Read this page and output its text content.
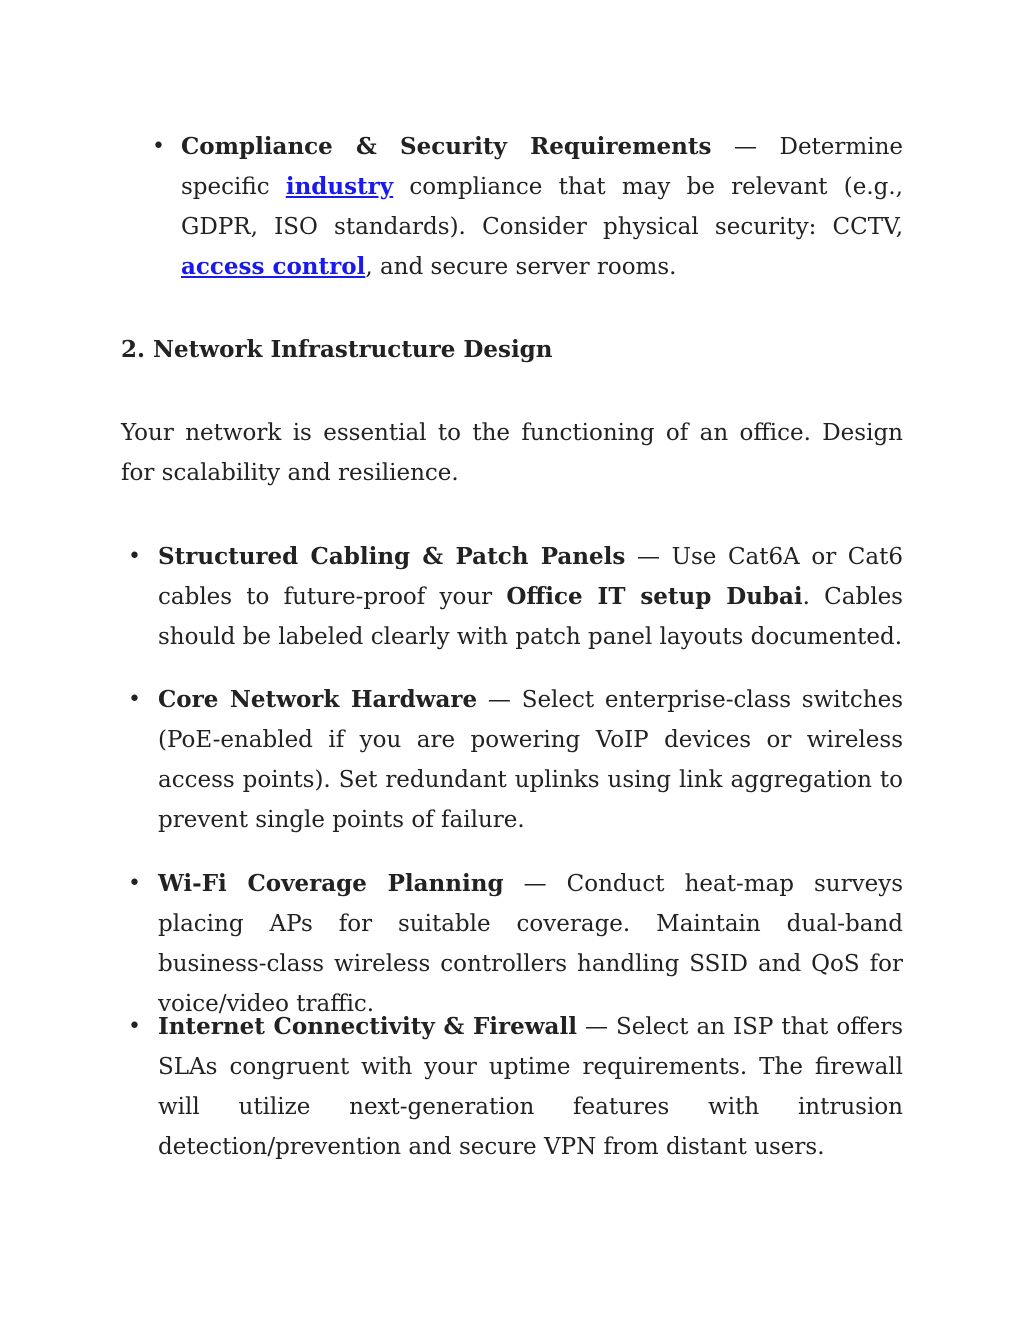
• Compliance & Security Requirements — Determine specific industry compliance that may be relevant (e.g., GDPR, ISO standards). Consider physical security: CCTV, access control, and secure server rooms.
2. Network Infrastructure Design
Your network is essential to the functioning of an office. Design for scalability and resilience.
• Structured Cabling & Patch Panels — Use Cat6A or Cat6 cables to future-proof your Office IT setup Dubai. Cables should be labeled clearly with patch panel layouts documented.
• Core Network Hardware — Select enterprise-class switches (PoE-enabled if you are powering VoIP devices or wireless access points). Set redundant uplinks using link aggregation to prevent single points of failure.
• Wi-Fi Coverage Planning — Conduct heat-map surveys placing APs for suitable coverage. Maintain dual-band business-class wireless controllers handling SSID and QoS for voice/video traffic.
• Internet Connectivity & Firewall — Select an ISP that offers SLAs congruent with your uptime requirements. The firewall will utilize next-generation features with intrusion detection/prevention and secure VPN from distant users.
